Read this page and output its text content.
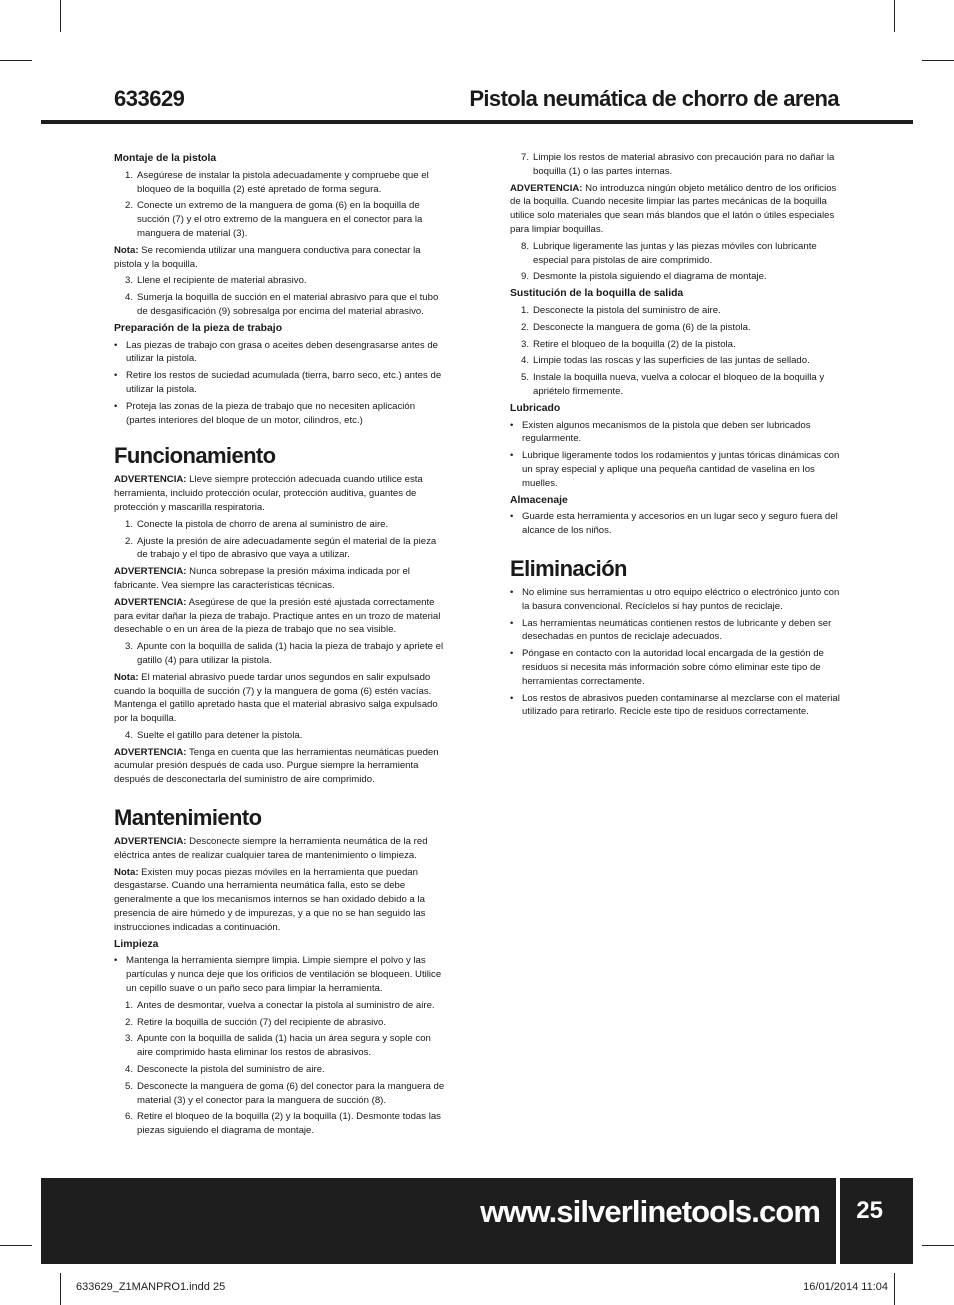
633629	Pistola neumática de chorro de arena
Montaje de la pistola
1. Asegúrese de instalar la pistola adecuadamente y compruebe que el bloqueo de la boquilla (2) esté apretado de forma segura.
2. Conecte un extremo de la manguera de goma (6) en la boquilla de succión (7) y el otro extremo de la manguera en el conector para la manguera de material (3).

Nota: Se recomienda utilizar una manguera conductiva para conectar la pistola y la boquilla.

3. Llene el recipiente de material abrasivo.
4. Sumerja la boquilla de succión en el material abrasivo para que el tubo de desgasificación (9) sobresalga por encima del material abrasivo.
Preparación de la pieza de trabajo
• Las piezas de trabajo con grasa o aceites deben desengrasarse antes de utilizar la pistola.
• Retire los restos de suciedad acumulada (tierra, barro seco, etc.) antes de utilizar la pistola.
• Proteja las zonas de la pieza de trabajo que no necesiten aplicación (partes interiores del bloque de un motor, cilindros, etc.)
Funcionamiento

ADVERTENCIA: Lleve siempre protección adecuada cuando utilice esta herramienta, incluido protección ocular, protección auditiva, guantes de protección y mascarilla respiratoria.

1. Conecte la pistola de chorro de arena al suministro de aire.
2. Ajuste la presión de aire adecuadamente según el material de la pieza de trabajo y el tipo de abrasivo que vaya a utilizar.

ADVERTENCIA: Nunca sobrepase la presión máxima indicada por el fabricante. Vea siempre las características técnicas.

ADVERTENCIA: Asegúrese de que la presión esté ajustada correctamente para evitar dañar la pieza de trabajo. Practique antes en un trozo de material desechable o en un área de la pieza de trabajo que no sea visible.

3. Apunte con la boquilla de salida (1) hacia la pieza de trabajo y apriete el gatillo (4) para utilizar la pistola.

Nota: El material abrasivo puede tardar unos segundos en salir expulsado cuando la boquilla de succión (7) y la manguera de goma (6) estén vacías. Mantenga el gatillo apretado hasta que el material abrasivo salga expulsado por la boquilla.

4. Suelte el gatillo para detener la pistola.

ADVERTENCIA: Tenga en cuenta que las herramientas neumáticas pueden acumular presión después de cada uso. Purgue siempre la herramienta después de desconectarla del suministro de aire comprimido.

Mantenimiento

ADVERTENCIA: Desconecte siempre la herramienta neumática de la red eléctrica antes de realizar cualquier tarea de mantenimiento o limpieza.

Nota: Existen muy pocas piezas móviles en la herramienta que puedan desgastarse. Cuando una herramienta neumática falla, esto se debe generalmente a que los mecanismos internos se han oxidado debido a la presencia de aire húmedo y de impurezas, y a que no se han seguido las instrucciones indicadas a continuación.

Limpieza
• Mantenga la herramienta siempre limpia. Limpie siempre el polvo y las partículas y nunca deje que los orificios de ventilación se bloqueen. Utilice un cepillo suave o un paño seco para limpiar la herramienta.
1. Antes de desmontar, vuelva a conectar la pistola al suministro de aire.
2. Retire la boquilla de succión (7) del recipiente de abrasivo.
3. Apunte con la boquilla de salida (1) hacia un área segura y sople con aire comprimido hasta eliminar los restos de abrasivos.
4. Desconecte la pistola del suministro de aire.
5. Desconecte la manguera de goma (6) del conector para la manguera de material (3) y el conector para la manguera de succión (8).
6. Retire el bloqueo de la boquilla (2) y la boquilla (1). Desmonte todas las piezas siguiendo el diagrama de montaje.
7. Limpie los restos de material abrasivo con precaución para no dañar la boquilla (1) o las partes internas.

ADVERTENCIA: No introduzca ningún objeto metálico dentro de los orificios de la boquilla. Cuando necesite limpiar las partes mecánicas de la boquilla utilice solo materiales que sean más blandos que el latón o útiles especiales para limpiar boquillas.

8. Lubrique ligeramente las juntas y las piezas móviles con lubricante especial para pistolas de aire comprimido.
9. Desmonte la pistola siguiendo el diagrama de montaje.
Sustitución de la boquilla de salida
1. Desconecte la pistola del suministro de aire.
2. Desconecte la manguera de goma (6) de la pistola.
3. Retire el bloqueo de la boquilla (2) de la pistola.
4. Limpie todas las roscas y las superficies de las juntas de sellado.
5. Instale la boquilla nueva, vuelva a colocar el bloqueo de la boquilla y apriételo firmemente.
Lubricado
• Existen algunos mecanismos de la pistola que deben ser lubricados regularmente.
• Lubrique ligeramente todos los rodamientos y juntas tóricas dinámicas con un spray especial y aplique una pequeña cantidad de vaselina en los muelles.
Almacenaje
• Guarde esta herramienta y accesorios en un lugar seco y seguro fuera del alcance de los niños.
Eliminación
• No elimine sus herramientas u otro equipo eléctrico o electrónico junto con la basura convencional. Recíclelos si hay puntos de reciclaje.
• Las herramientas neumáticas contienen restos de lubricante y deben ser desechadas en puntos de reciclaje adecuados.
• Póngase en contacto con la autoridad local encargada de la gestión de residuos si necesita más información sobre cómo eliminar este tipo de herramientas correctamente.
• Los restos de abrasivos pueden contaminarse al mezclarse con el material utilizado para retirarlo. Recicle este tipo de residuos correctamente.
www.silverlinetools.com 25
633629_Z1MANPRO1.indd 25	16/01/2014 11:04
